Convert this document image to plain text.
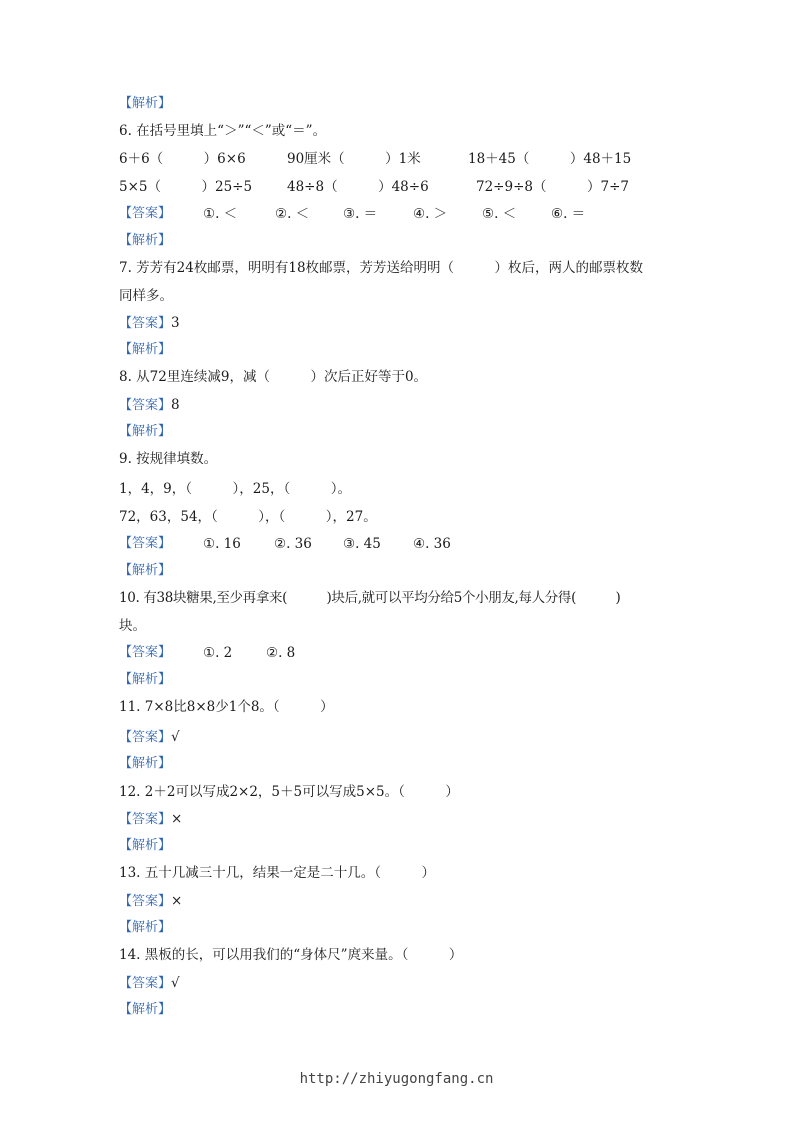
【解析】
6. 在括号里填上“＞”“＜”或“＝”。
6＋6（　　　）6×6	90厘米（　　　）1米	18＋45（　　　）48＋15
5×5（　　　）25÷5	48÷8（　　　）48÷6	72÷9÷8（　　　）7÷7
【答案】 ①. ＜	②. ＜	③. ＝	④. ＞	⑤. ＜	⑥. ＝
【解析】
7. 芳芳有24枚邮票，明明有18枚邮票，芳芳送给明明（　　　）枚后，两人的邮票枚数
同样多。
【答案】3
【解析】
8. 从72里连续减9，减（　　　）次后正好等于0。
【答案】8
【解析】
9. 按规律填数。
1，4，9，（　　　），25，（　　　）。
72，63，54，（　　　），（　　　），27。
【答案】 ①. 16 ②. 36 ③. 45 ④. 36
【解析】
10. 有38块糖果,至少再拿来(　　　)块后,就可以平均分给5个小朋友,每人分得(　　　)
块。
【答案】 ①. 2 ②. 8
【解析】
11. 7×8比8×8少1个8。（　　　）
【答案】√
【解析】
12. 2＋2可以写成2×2，5＋5可以写成5×5。（　　　）
【答案】×
【解析】
13. 五十几减三十几，结果一定是二十几。（　　　）
【答案】×
【解析】
14. 黑板的长，可以用我们的“身体尺”庹来量。（　　　）
【答案】√
【解析】
http://zhiyugongfang.cn
